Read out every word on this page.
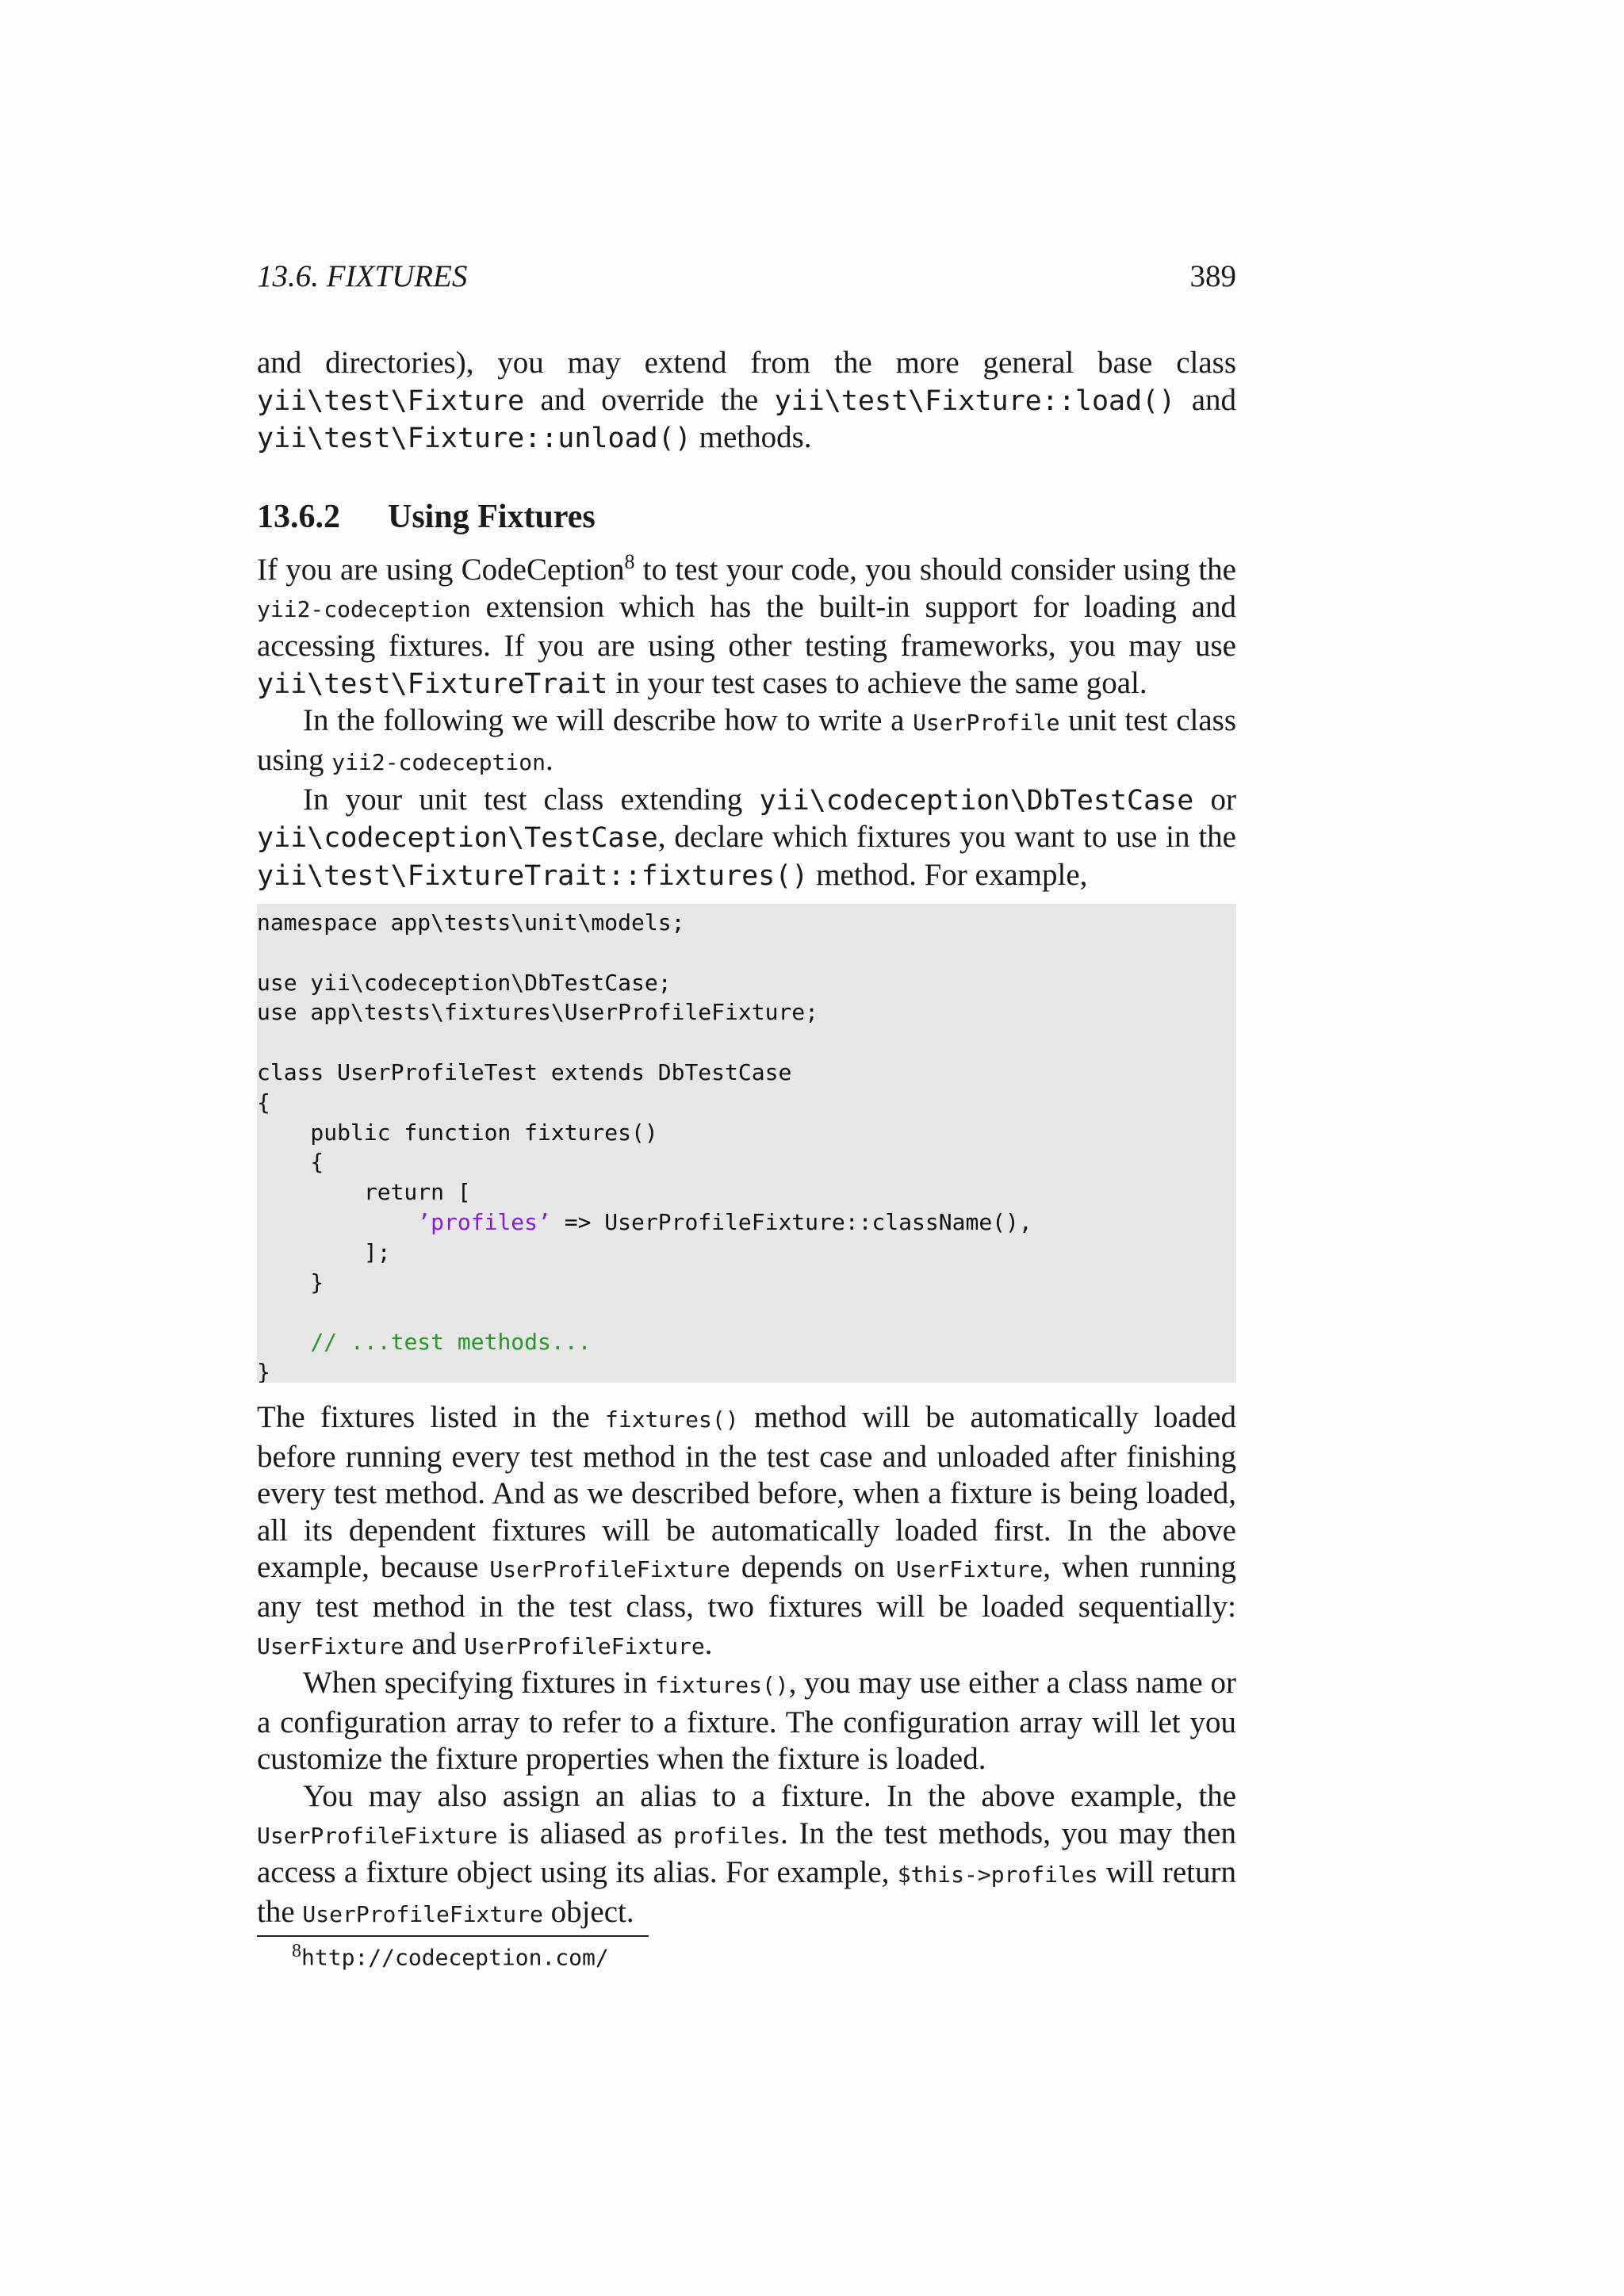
13.6. FIXTURES	389

and directories), you may extend from the more general base class yii\test\Fixture and override the yii\test\Fixture::load() and yii\test\Fixture::unload() methods.

13.6.2 Using Fixtures

If you are using CodeCeption$^8$ to test your code, you should consider using the yii2-codeception extension which has the built-in support for loading and accessing fixtures. If you are using other testing frameworks, you may use yii\test\FixtureTrait in your test cases to achieve the same goal.

In the following we will describe how to write a UserProfile unit test class using yii2-codeception.

In your unit test class extending yii\codeception\DbTestCase or yii\codeception\TestCase, declare which fixtures you want to use in the yii\test\FixtureTrait::fixtures() method. For example,

namespace app\tests\unit\models;

use yii\codeception\DbTestCase;
use app\tests\fixtures\UserProfileFixture;

class UserProfileTest extends DbTestCase
{
public function fixtures()
{
return [
’profiles’ => UserProfileFixture::className(),
];
}

// ...test methods...
}

The fixtures listed in the fixtures() method will be automatically loaded before running every test method in the test case and unloaded after finishing every test method. And as we described before, when a fixture is being loaded, all its dependent fixtures will be automatically loaded first. In the above example, because UserProfileFixture depends on UserFixture, when running any test method in the test class, two fixtures will be loaded sequentially: UserFixture and UserProfileFixture.

When specifying fixtures in fixtures(), you may use either a class name or a configuration array to refer to a fixture. The configuration array will let you customize the fixture properties when the fixture is loaded.

You may also assign an alias to a fixture. In the above example, the UserProfileFixture is aliased as profiles. In the test methods, you may then access a fixture object using its alias. For example, $this->profiles will return the UserProfileFixture object.

$^8$http://codeception.com/
